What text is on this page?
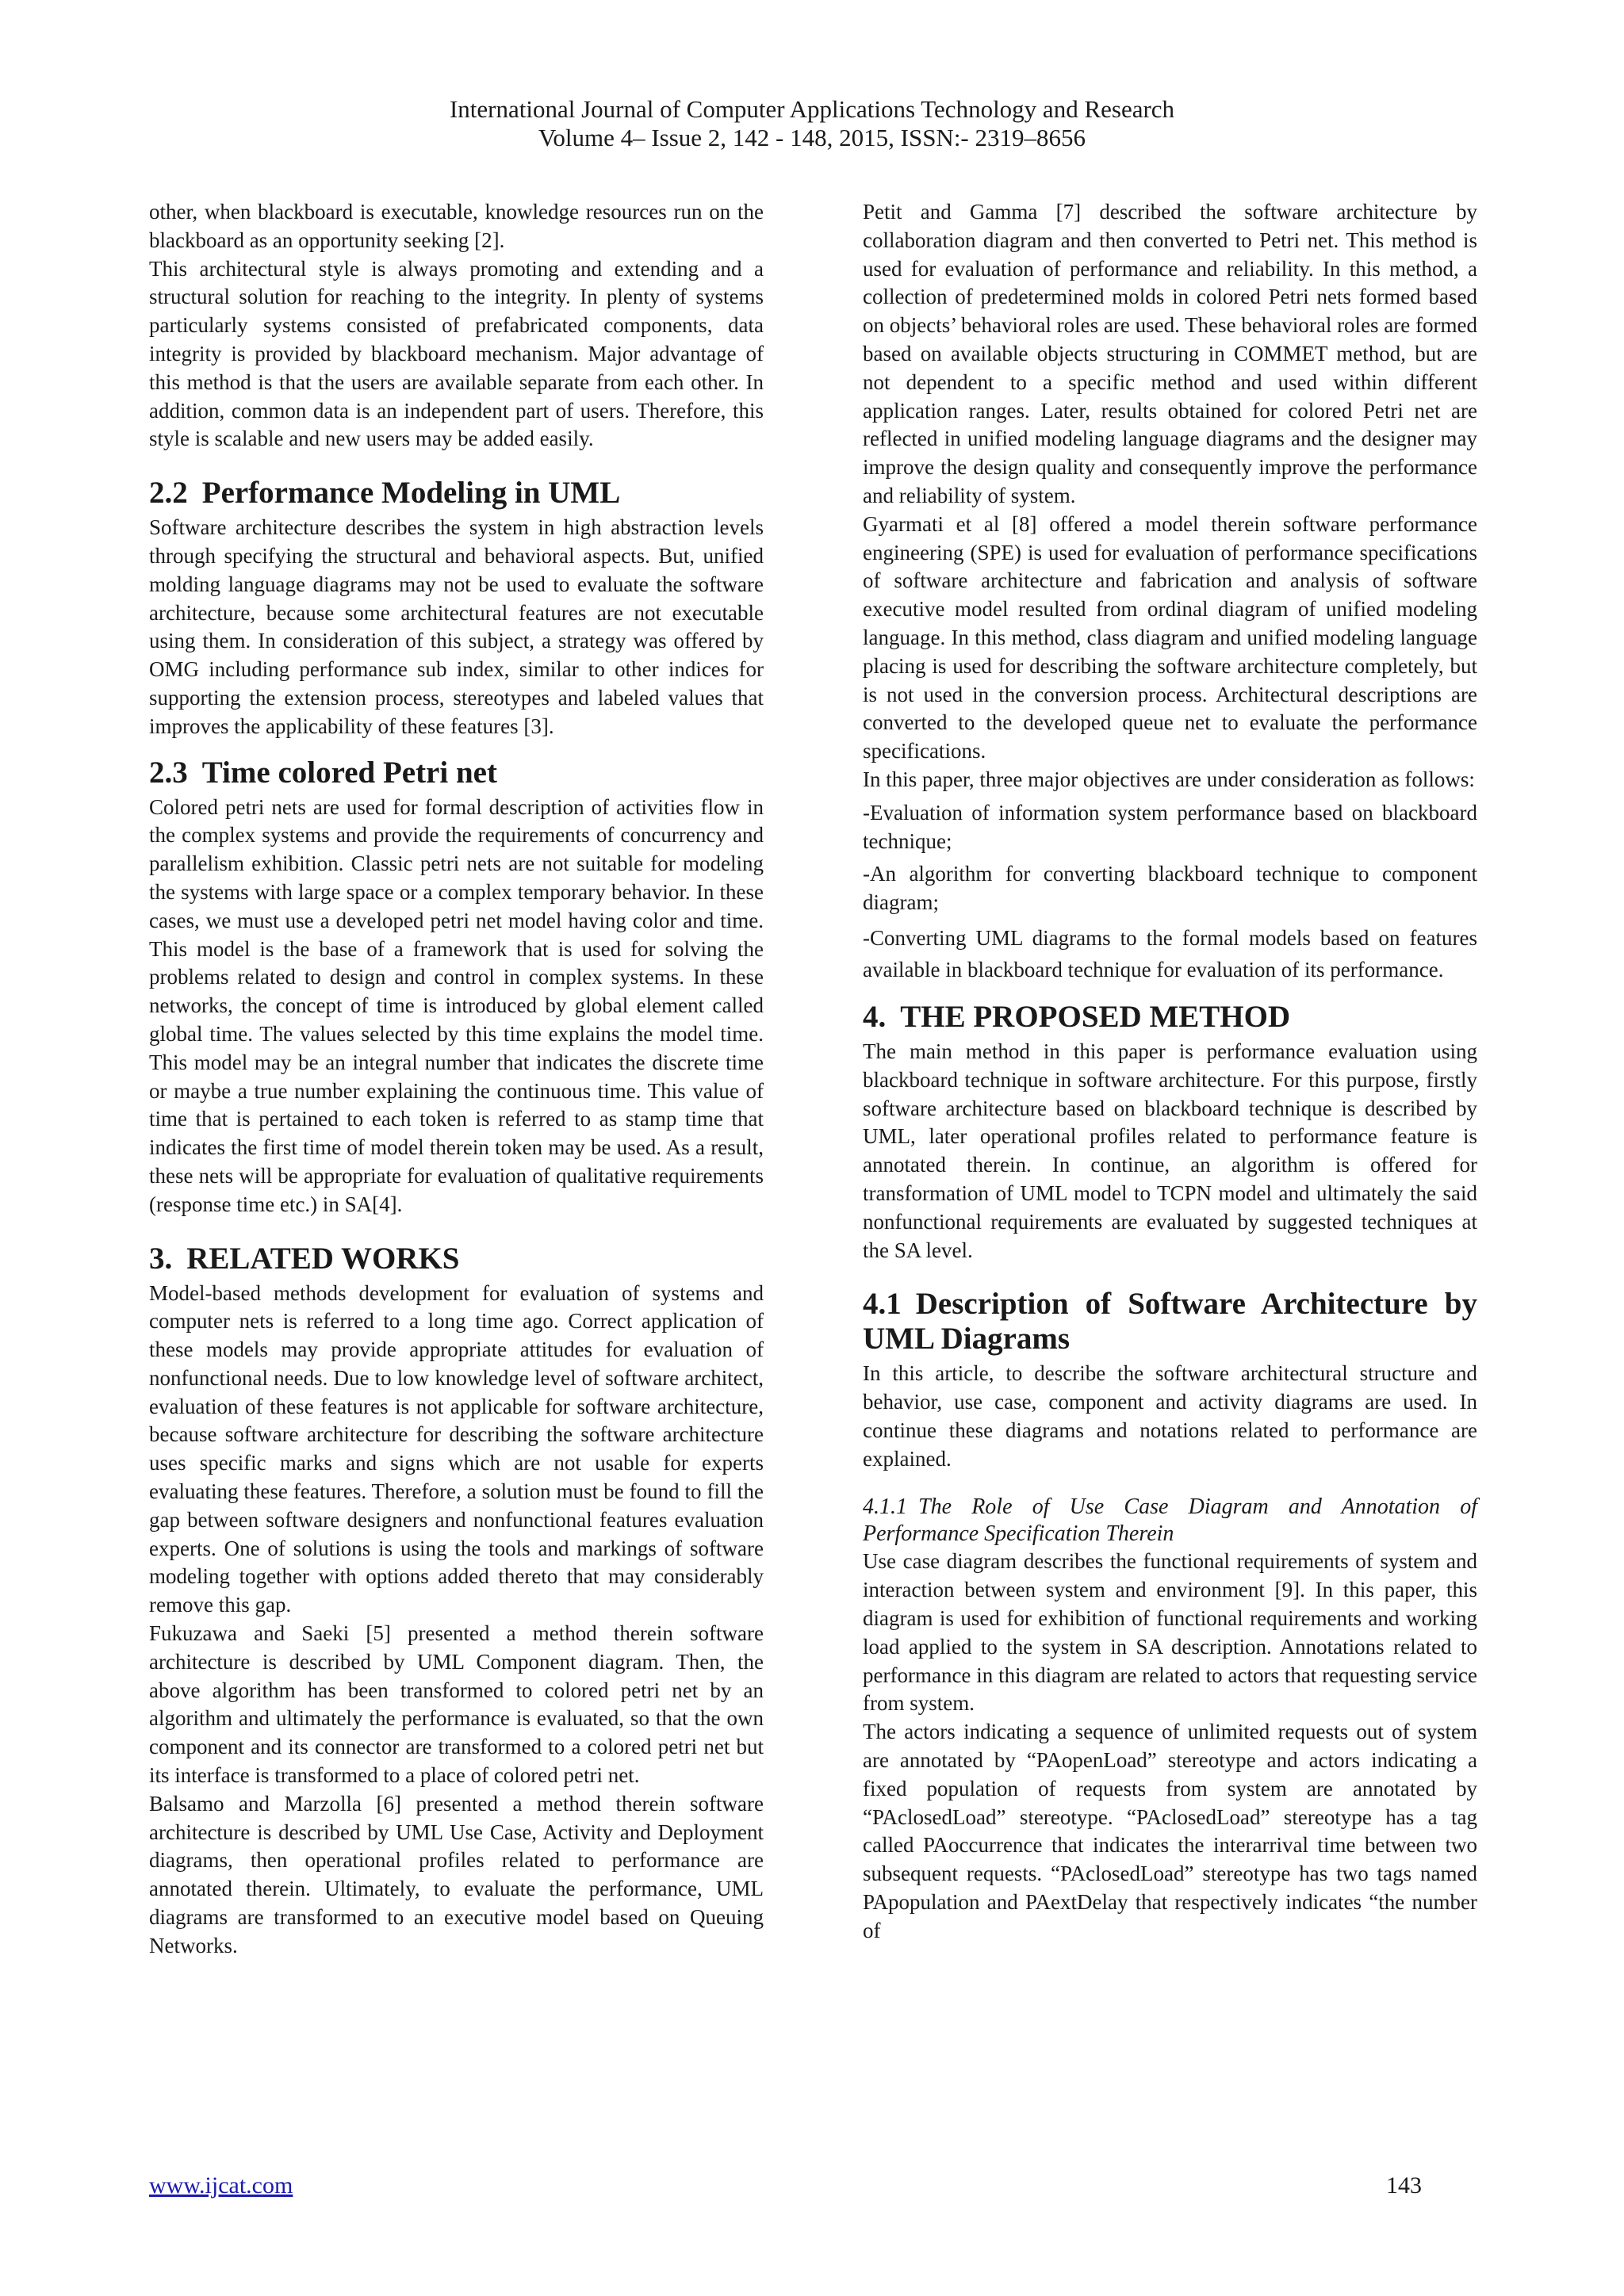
International Journal of Computer Applications Technology and Research
Volume 4– Issue 2, 142 - 148, 2015, ISSN:- 2319–8656

other, when blackboard is executable, knowledge resources run on the blackboard as an opportunity seeking [2].

This architectural style is always promoting and extending and a structural solution for reaching to the integrity. In plenty of systems particularly systems consisted of prefabricated components, data integrity is provided by blackboard mechanism. Major advantage of this method is that the users are available separate from each other. In addition, common data is an independent part of users. Therefore, this style is scalable and new users may be added easily.

2.2 Performance Modeling in UML

Software architecture describes the system in high abstraction levels through specifying the structural and behavioral aspects. But, unified molding language diagrams may not be used to evaluate the software architecture, because some architectural features are not executable using them. In consideration of this subject, a strategy was offered by OMG including performance sub index, similar to other indices for supporting the extension process, stereotypes and labeled values that improves the applicability of these features [3].

2.3 Time colored Petri net

Colored petri nets are used for formal description of activities flow in the complex systems and provide the requirements of concurrency and parallelism exhibition. Classic petri nets are not suitable for modeling the systems with large space or a complex temporary behavior. In these cases, we must use a developed petri net model having color and time. This model is the base of a framework that is used for solving the problems related to design and control in complex systems. In these networks, the concept of time is introduced by global element called global time. The values selected by this time explains the model time. This model may be an integral number that indicates the discrete time or maybe a true number explaining the continuous time. This value of time that is pertained to each token is referred to as stamp time that indicates the first time of model therein token may be used. As a result, these nets will be appropriate for evaluation of qualitative requirements (response time etc.) in SA[4].

3. RELATED WORKS

Model-based methods development for evaluation of systems and computer nets is referred to a long time ago. Correct application of these models may provide appropriate attitudes for evaluation of nonfunctional needs. Due to low knowledge level of software architect, evaluation of these features is not applicable for software architecture, because software architecture for describing the software architecture uses specific marks and signs which are not usable for experts evaluating these features. Therefore, a solution must be found to fill the gap between software designers and nonfunctional features evaluation experts. One of solutions is using the tools and markings of software modeling together with options added thereto that may considerably remove this gap.

Fukuzawa and Saeki [5] presented a method therein software architecture is described by UML Component diagram. Then, the above algorithm has been transformed to colored petri net by an algorithm and ultimately the performance is evaluated, so that the own component and its connector are transformed to a colored petri net but its interface is transformed to a place of colored petri net.

Balsamo and Marzolla [6] presented a method therein software architecture is described by UML Use Case, Activity and Deployment diagrams, then operational profiles related to performance are annotated therein. Ultimately, to evaluate the performance, UML diagrams are transformed to an executive model based on Queuing Networks.

Petit and Gamma [7] described the software architecture by collaboration diagram and then converted to Petri net. This method is used for evaluation of performance and reliability. In this method, a collection of predetermined molds in colored Petri nets formed based on objects’ behavioral roles are used. These behavioral roles are formed based on available objects structuring in COMMET method, but are not dependent to a specific method and used within different application ranges. Later, results obtained for colored Petri net are reflected in unified modeling language diagrams and the designer may improve the design quality and consequently improve the performance and reliability of system.

Gyarmati et al [8] offered a model therein software performance engineering (SPE) is used for evaluation of performance specifications of software architecture and fabrication and analysis of software executive model resulted from ordinal diagram of unified modeling language. In this method, class diagram and unified modeling language placing is used for describing the software architecture completely, but is not used in the conversion process. Architectural descriptions are converted to the developed queue net to evaluate the performance specifications.

In this paper, three major objectives are under consideration as follows:

-Evaluation of information system performance based on blackboard technique;

-An algorithm for converting blackboard technique to component diagram;

-Converting UML diagrams to the formal models based on features available in blackboard technique for evaluation of its performance.

4. THE PROPOSED METHOD

The main method in this paper is performance evaluation using blackboard technique in software architecture. For this purpose, firstly software architecture based on blackboard technique is described by UML, later operational profiles related to performance feature is annotated therein. In continue, an algorithm is offered for transformation of UML model to TCPN model and ultimately the said nonfunctional requirements are evaluated by suggested techniques at the SA level.

4.1 Description of Software Architecture by UML Diagrams

In this article, to describe the software architectural structure and behavior, use case, component and activity diagrams are used. In continue these diagrams and notations related to performance are explained.

4.1.1 The Role of Use Case Diagram and Annotation of Performance Specification Therein

Use case diagram describes the functional requirements of system and interaction between system and environment [9]. In this paper, this diagram is used for exhibition of functional requirements and working load applied to the system in SA description. Annotations related to performance in this diagram are related to actors that requesting service from system.

The actors indicating a sequence of unlimited requests out of system are annotated by “PAopenLoad” stereotype and actors indicating a fixed population of requests from system are annotated by “PAclosedLoad” stereotype. “PAclosedLoad” stereotype has a tag called PAoccurrence that indicates the interarrival time between two subsequent requests. “PAclosedLoad” stereotype has two tags named PApopulation and PAextDelay that respectively indicates “the number of

www.ijcat.com	143
